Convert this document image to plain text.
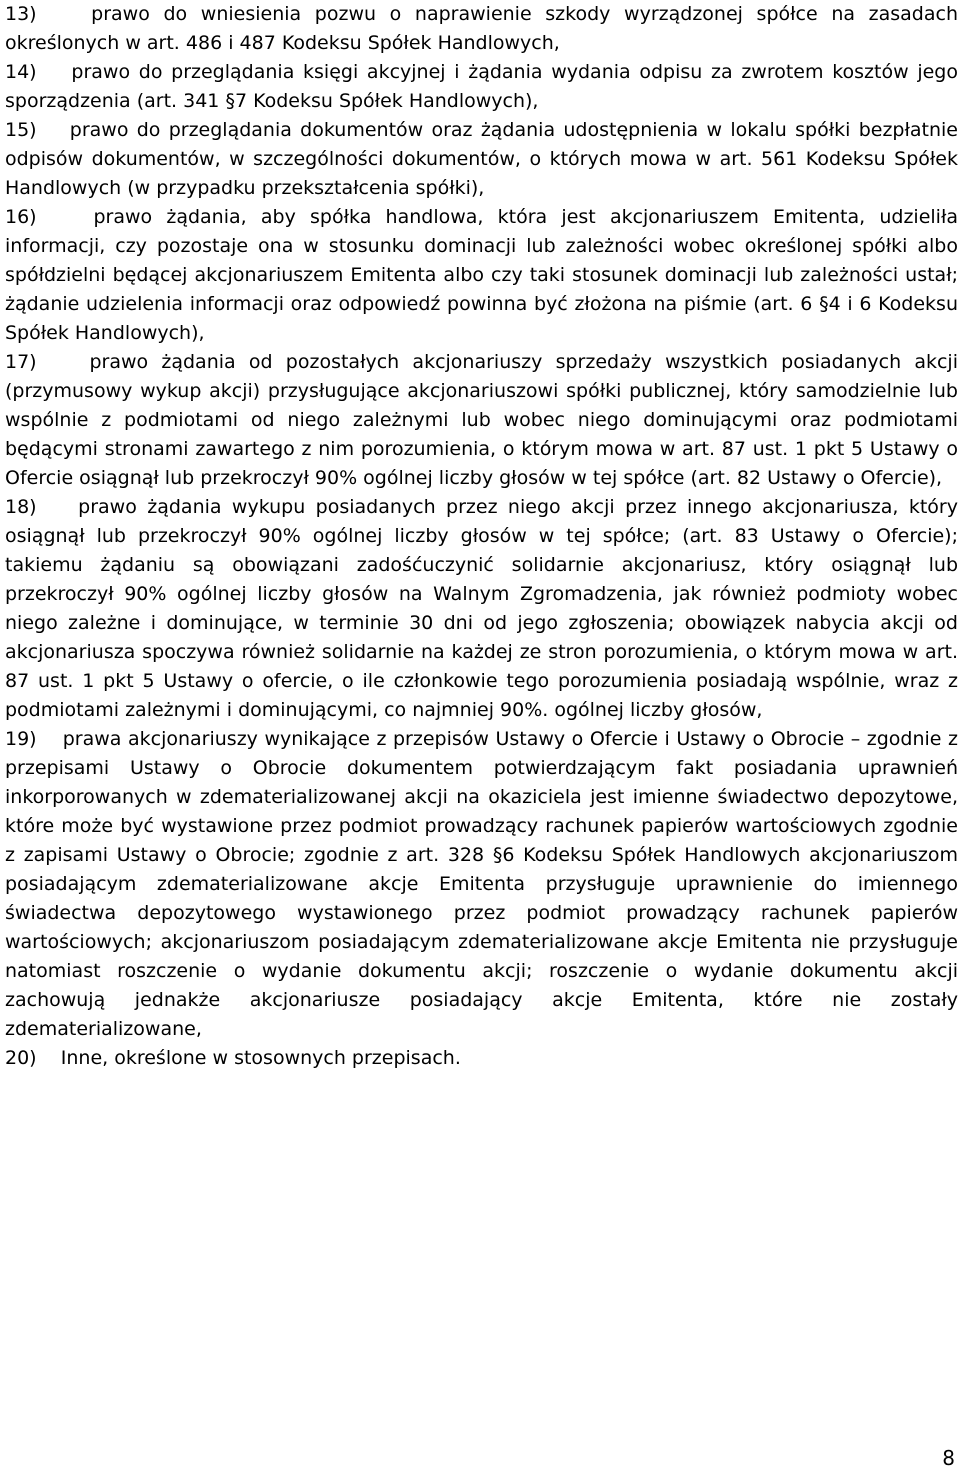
13)	prawo do wniesienia pozwu o naprawienie szkody wyrządzonej spółce na zasadach określonych w art. 486 i 487 Kodeksu Spółek Handlowych,

14) prawo do przeglądania księgi akcyjnej i żądania wydania odpisu za zwrotem kosztów jego sporządzenia (art. 341 §7 Kodeksu Spółek Handlowych),

15) prawo do przeglądania dokumentów oraz żądania udostępnienia w lokalu spółki bezpłatnie odpisów dokumentów, w szczególności dokumentów, o których mowa w art. 561 Kodeksu Spółek Handlowych (w przypadku przekształcenia spółki),

16)	prawo żądania, aby spółka handlowa, która jest akcjonariuszem Emitenta, udzieliła informacji, czy pozostaje ona w stosunku dominacji lub zależności wobec określonej spółki albo spółdzielni będącej akcjonariuszem Emitenta albo czy taki stosunek dominacji lub zależności ustał; żądanie udzielenia informacji oraz odpowiedź powinna być złożona na piśmie (art. 6 §4 i 6 Kodeksu Spółek Handlowych),

17)	prawo żądania od pozostałych akcjonariuszy sprzedaży wszystkich posiadanych akcji (przymusowy wykup akcji) przysługujące akcjonariuszowi spółki publicznej, który samodzielnie lub wspólnie z podmiotami od niego zależnymi lub wobec niego dominującymi oraz podmiotami będącymi stronami zawartego z nim porozumienia, o którym mowa w art. 87 ust. 1 pkt 5 Ustawy o Ofercie osiągnął lub przekroczył 90% ogólnej liczby głosów w tej spółce (art. 82 Ustawy o Ofercie),

18) prawo żądania wykupu posiadanych przez niego akcji przez innego akcjonariusza, który osiągnął lub przekroczył 90% ogólnej liczby głosów w tej spółce; (art. 83 Ustawy o Ofercie); takiemu żądaniu są obowiązani zadośćuczynić solidarnie akcjonariusz, który osiągnął lub przekroczył 90% ogólnej liczby głosów na Walnym Zgromadzenia, jak również podmioty wobec niego zależne i dominujące, w terminie 30 dni od jego zgłoszenia; obowiązek nabycia akcji od akcjonariusza spoczywa również solidarnie na każdej ze stron porozumienia, o którym mowa w art. 87 ust. 1 pkt 5 Ustawy o ofercie, o ile członkowie tego porozumienia posiadają wspólnie, wraz z podmiotami zależnymi i dominującymi, co najmniej 90%. ogólnej liczby głosów,

19) prawa akcjonariuszy wynikające z przepisów Ustawy o Ofercie i Ustawy o Obrocie – zgodnie z przepisami Ustawy o Obrocie dokumentem potwierdzającym fakt posiadania uprawnień inkorporowanych w zdematerializowanej akcji na okaziciela jest imienne świadectwo depozytowe, które może być wystawione przez podmiot prowadzący rachunek papierów wartościowych zgodnie z zapisami Ustawy o Obrocie; zgodnie z art. 328 §6 Kodeksu Spółek Handlowych akcjonariuszom posiadającym zdematerializowane akcje Emitenta przysługuje uprawnienie do imiennego świadectwa depozytowego wystawionego przez podmiot prowadzący rachunek papierów wartościowych; akcjonariuszom posiadającym zdematerializowane akcje Emitenta nie przysługuje natomiast roszczenie o wydanie dokumentu akcji; roszczenie o wydanie dokumentu akcji zachowują jednakże akcjonariusze posiadający akcje Emitenta, które nie zostały zdematerializowane,

20) Inne, określone w stosownych przepisach.

8
